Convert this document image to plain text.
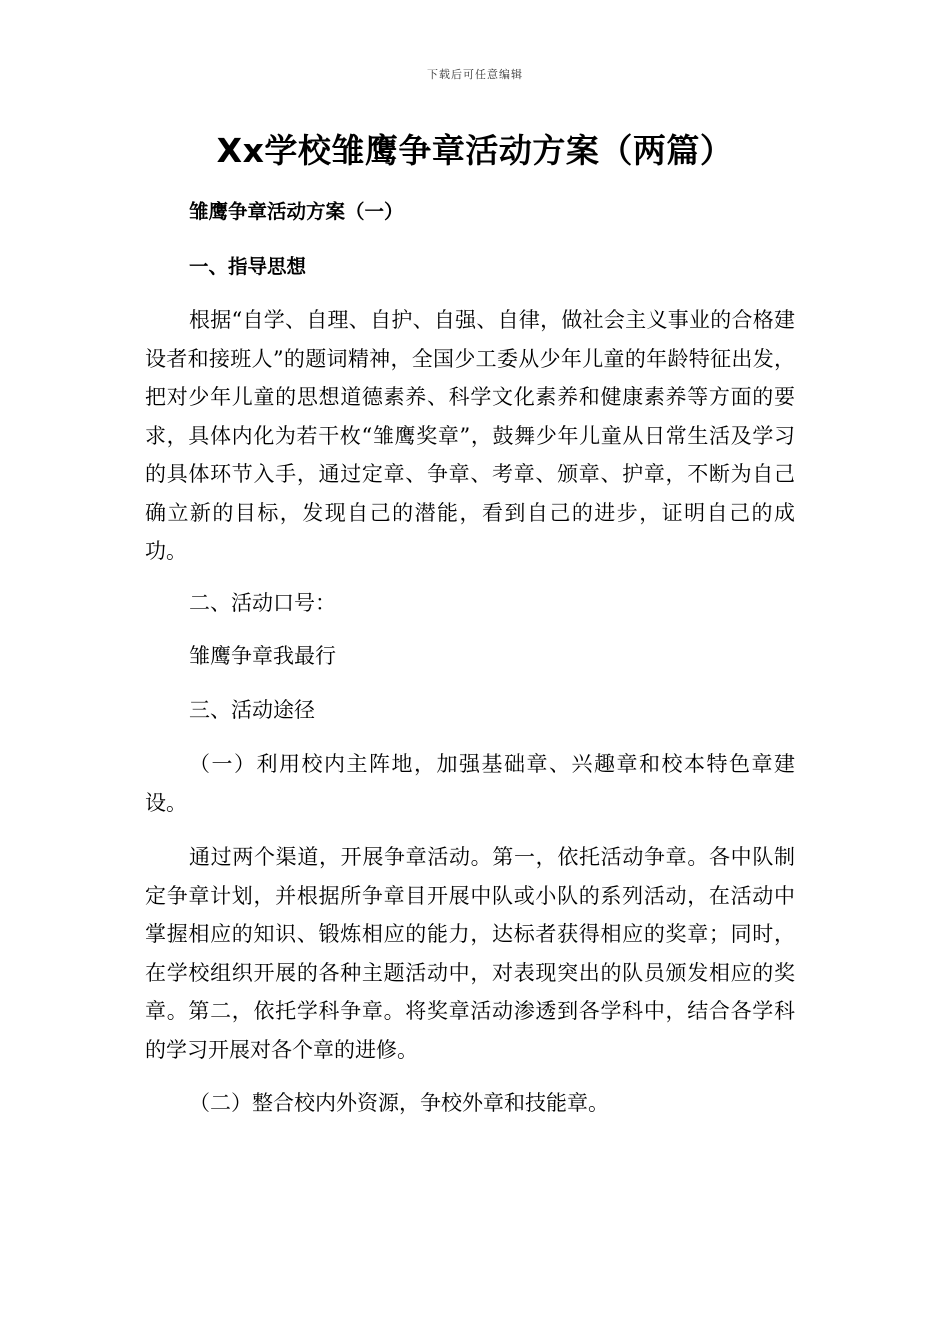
下载后可任意编辑
Xx学校雏鹰争章活动方案（两篇）
雏鹰争章活动方案（一）
一、指导思想
根据“自学、自理、自护、自强、自律，做社会主义事业的合格建设者和接班人”的题词精神，全国少工委从少年儿童的年龄特征出发，把对少年儿童的思想道德素养、科学文化素养和健康素养等方面的要求，具体内化为若干枚“雏鹰奖章”，鼓舞少年儿童从日常生活及学习的具体环节入手，通过定章、争章、考章、颁章、护章，不断为自己确立新的目标，发现自己的潜能，看到自己的进步，证明自己的成功。
二、活动口号：
雏鹰争章我最行
三、活动途径
（一）利用校内主阵地，加强基础章、兴趣章和校本特色章建设。
通过两个渠道，开展争章活动。第一，依托活动争章。各中队制定争章计划，并根据所争章目开展中队或小队的系列活动，在活动中掌握相应的知识、锻炼相应的能力，达标者获得相应的奖章；同时，在学校组织开展的各种主题活动中，对表现突出的队员颁发相应的奖章。第二，依托学科争章。将奖章活动渗透到各学科中，结合各学科的学习开展对各个章的进修。
（二）整合校内外资源，争校外章和技能章。
